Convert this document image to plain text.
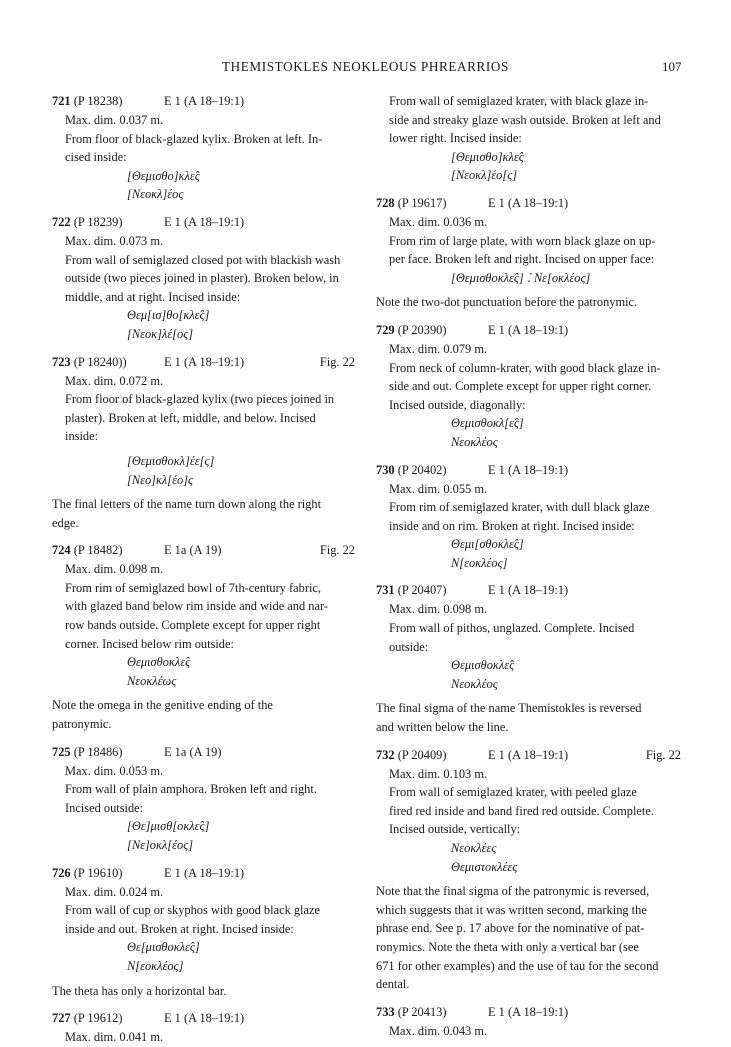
THEMISTOKLES NEOKLEOUS PHREARRIOS	107
721 (P 18238)	E 1 (A 18–19:1)
Max. dim. 0.037 m.
From floor of black-glazed kylix. Broken at left. In-
cised inside:
[Θεμισθο]κλε̂ς
[Νεοκλ]έος
722 (P 18239)	E 1 (A 18–19:1)
Max. dim. 0.073 m.
From wall of semiglazed closed pot with blackish wash
outside (two pieces joined in plaster). Broken below, in
middle, and at right. Incised inside:
Θεμ[ισ]θο[κλε̂ς]
[Νεοκ]λέ[ος]
723 (P 18240))	E 1 (A 18–19:1)	Fig. 22
Max. dim. 0.072 m.
From floor of black-glazed kylix (two pieces joined in
plaster). Broken at left, middle, and below. Incised
inside:
[Θεμισθοκλ]έε[ς]
[Νεο]κλ[έο]ς
The final letters of the name turn down along the right
edge.
724 (P 18482)	E 1a (A 19)	Fig. 22
Max. dim. 0.098 m.
From rim of semiglazed bowl of 7th-century fabric,
with glazed band below rim inside and wide and nar-
row bands outside. Complete except for upper right
corner. Incised below rim outside:
Θεμισθοκλε̂ς
Νεοκλέως
Note the omega in the genitive ending of the
patronymic.
725 (P 18486)	E 1a (A 19)
Max. dim. 0.053 m.
From wall of plain amphora. Broken left and right.
Incised outside:
[Θε]μισθ[οκλε̂ς]
[Νε]οκλ[έος]
726 (P 19610)	E 1 (A 18–19:1)
Max. dim. 0.024 m.
From wall of cup or skyphos with good black glaze
inside and out. Broken at right. Incised inside:
Θε[μισθοκλε̂ς]
Ν[εοκλέος]
The theta has only a horizontal bar.
727 (P 19612)	E 1 (A 18–19:1)
Max. dim. 0.041 m.
From wall of semiglazed krater, with black glaze in-
side and streaky glaze wash outside. Broken at left and
lower right. Incised inside:
[Θεμισθο]κλε̂ς
[Νεοκλ]έο[ς]
728 (P 19617)	E 1 (A 18–19:1)
Max. dim. 0.036 m.
From rim of large plate, with worn black glaze on up-
per face. Broken left and right. Incised on upper face:
[Θεμισθοκλε̂ς] ⁚ Νε[οκλέος]
Note the two-dot punctuation before the patronymic.
729 (P 20390)	E 1 (A 18–19:1)
Max. dim. 0.079 m.
From neck of column-krater, with good black glaze in-
side and out. Complete except for upper right corner.
Incised outside, diagonally:
Θεμισθοκλ[ε̂ς]
Νεοκλέος
730 (P 20402)	E 1 (A 18–19:1)
Max. dim. 0.055 m.
From rim of semiglazed krater, with dull black glaze
inside and on rim. Broken at right. Incised inside:
Θεμι[σθοκλε̂ς]
Ν[εοκλέος]
731 (P 20407)	E 1 (A 18–19:1)
Max. dim. 0.098 m.
From wall of pithos, unglazed. Complete. Incised
outside:
Θεμισθοκλε̂ς
Νεοκλέος
The final sigma of the name Themistokles is reversed
and written below the line.
732 (P 20409)	E 1 (A 18–19:1)	Fig. 22
Max. dim. 0.103 m.
From wall of semiglazed krater, with peeled glaze
fired red inside and band fired red outside. Complete.
Incised outside, vertically:
Νεοκλέες
Θεμιστοκλέες
Note that the final sigma of the patronymic is reversed,
which suggests that it was written second, marking the
phrase end. See p. 17 above for the nominative of pat-
ronymics. Note the theta with only a vertical bar (see
671 for other examples) and the use of tau for the second
dental.
733 (P 20413)	E 1 (A 18–19:1)
Max. dim. 0.043 m.
